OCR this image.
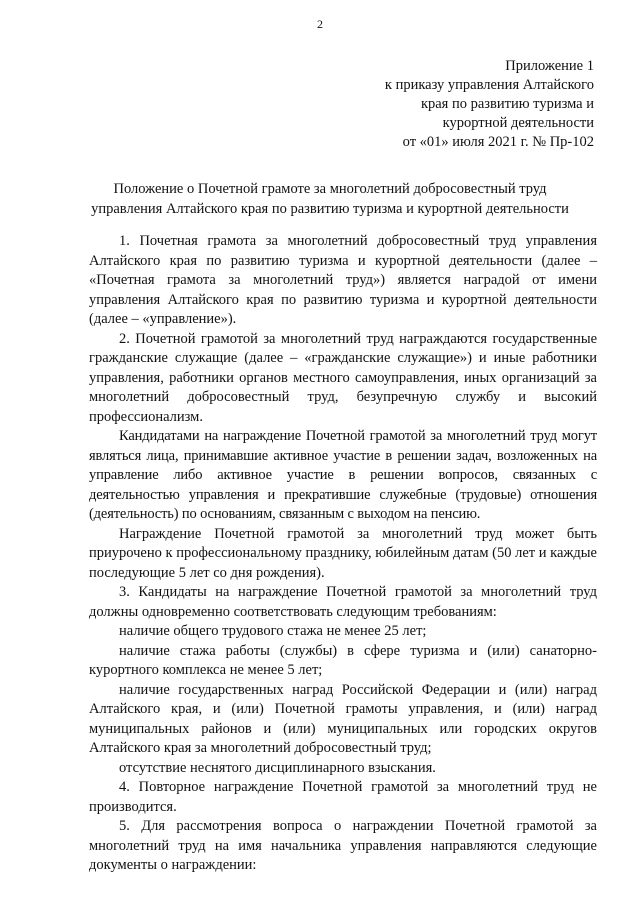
2
Приложение 1
к приказу управления Алтайского
края по развитию туризма и
курортной деятельности
от «01» июля 2021 г. № Пр-102
Положение о Почетной грамоте за многолетний добросовестный труд
управления Алтайского края по развитию туризма и курортной деятельности

1. Почетная грамота за многолетний добросовестный труд управления Алтайского края по развитию туризма и курортной деятельности (далее – «Почетная грамота за многолетний труд») является наградой от имени управления Алтайского края по развитию туризма и курортной деятельности (далее – «управление»).

2. Почетной грамотой за многолетний труд награждаются государственные гражданские служащие (далее – «гражданские служащие») и иные работники управления, работники органов местного самоуправления, иных организаций за многолетний добросовестный труд, безупречную службу и высокий профессионализм.

Кандидатами на награждение Почетной грамотой за многолетний труд могут являться лица, принимавшие активное участие в решении задач, возложенных на управление либо активное участие в решении вопросов, связанных с деятельностью управления и прекратившие служебные (трудовые) отношения (деятельность) по основаниям, связанным с выходом на пенсию.

Награждение Почетной грамотой за многолетний труд может быть приурочено к профессиональному празднику, юбилейным датам (50 лет и каждые последующие 5 лет со дня рождения).

3. Кандидаты на награждение Почетной грамотой за многолетний труд должны одновременно соответствовать следующим требованиям:

наличие общего трудового стажа не менее 25 лет;

наличие стажа работы (службы) в сфере туризма и (или) санаторно-курортного комплекса не менее 5 лет;

наличие государственных наград Российской Федерации и (или) наград Алтайского края, и (или) Почетной грамоты управления, и (или) наград муниципальных районов и (или) муниципальных или городских округов Алтайского края за многолетний добросовестный труд;

отсутствие неснятого дисциплинарного взыскания.

4. Повторное награждение Почетной грамотой за многолетний труд не производится.

5. Для рассмотрения вопроса о награждении Почетной грамотой за многолетний труд на имя начальника управления направляются следующие документы о награждении:
